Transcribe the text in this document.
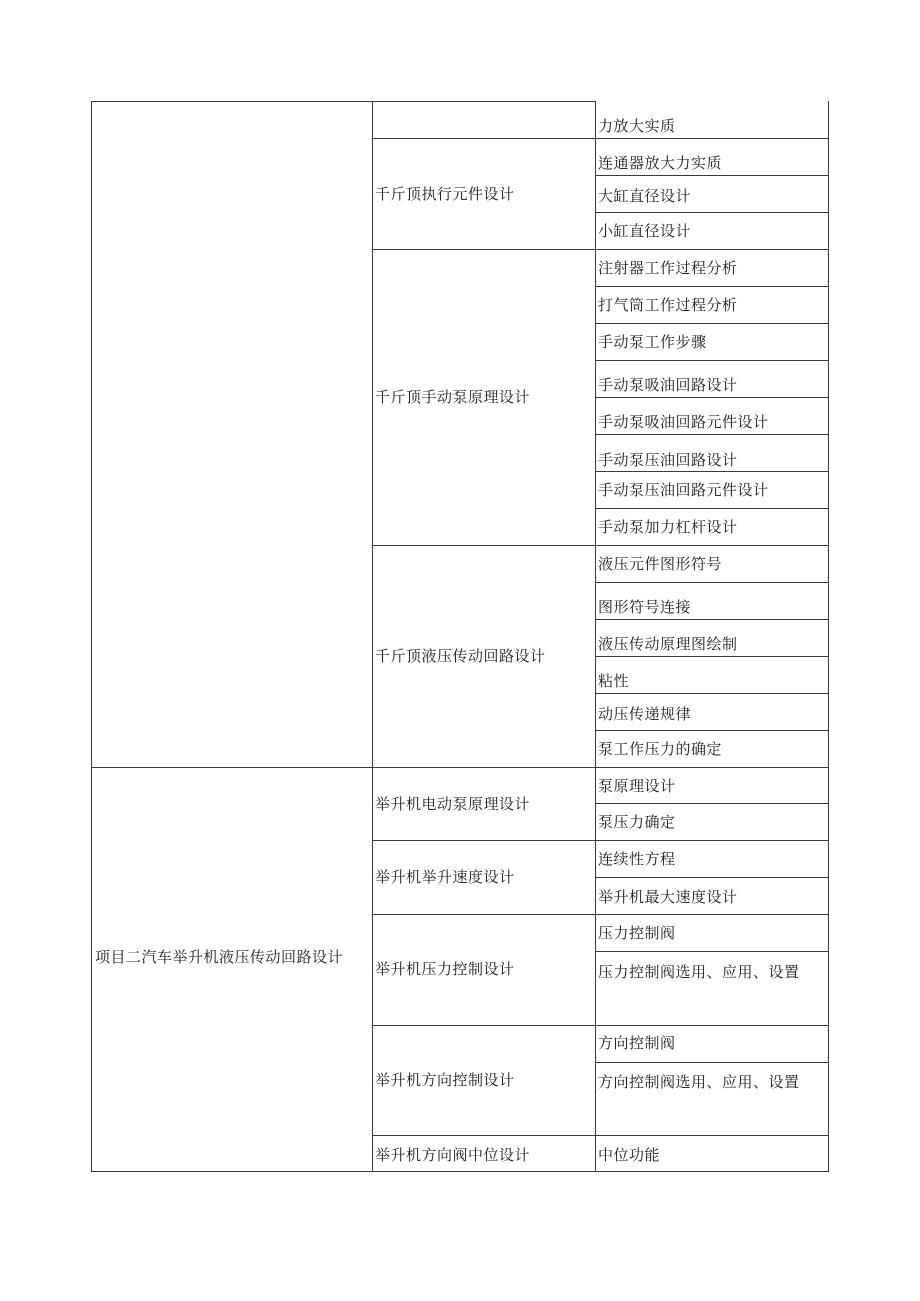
项目二汽车举升机液压传动回路设计
千斤顶执行元件设计
千斤顶手动泵原理设计
千斤顶液压传动回路设计
举升机电动泵原理设计
举升机举升速度设计
举升机压力控制设计
举升机方向控制设计
举升机方向阀中位设计
力放大实质
连通器放大力实质
大缸直径设计
小缸直径设计
注射器工作过程分析
打气筒工作过程分析
手动泵工作步骤
手动泵吸油回路设计
手动泵吸油回路元件设计
手动泵压油回路设计
手动泵压油回路元件设计
手动泵加力杠杆设计
液压元件图形符号
图形符号连接
液压传动原理图绘制
粘性
动压传递规律
泵工作压力的确定
泵原理设计
泵压力确定
连续性方程
举升机最大速度设计
压力控制阀
压力控制阀选用、应用、设置
方向控制阀
方向控制阀选用、应用、设置
中位功能
